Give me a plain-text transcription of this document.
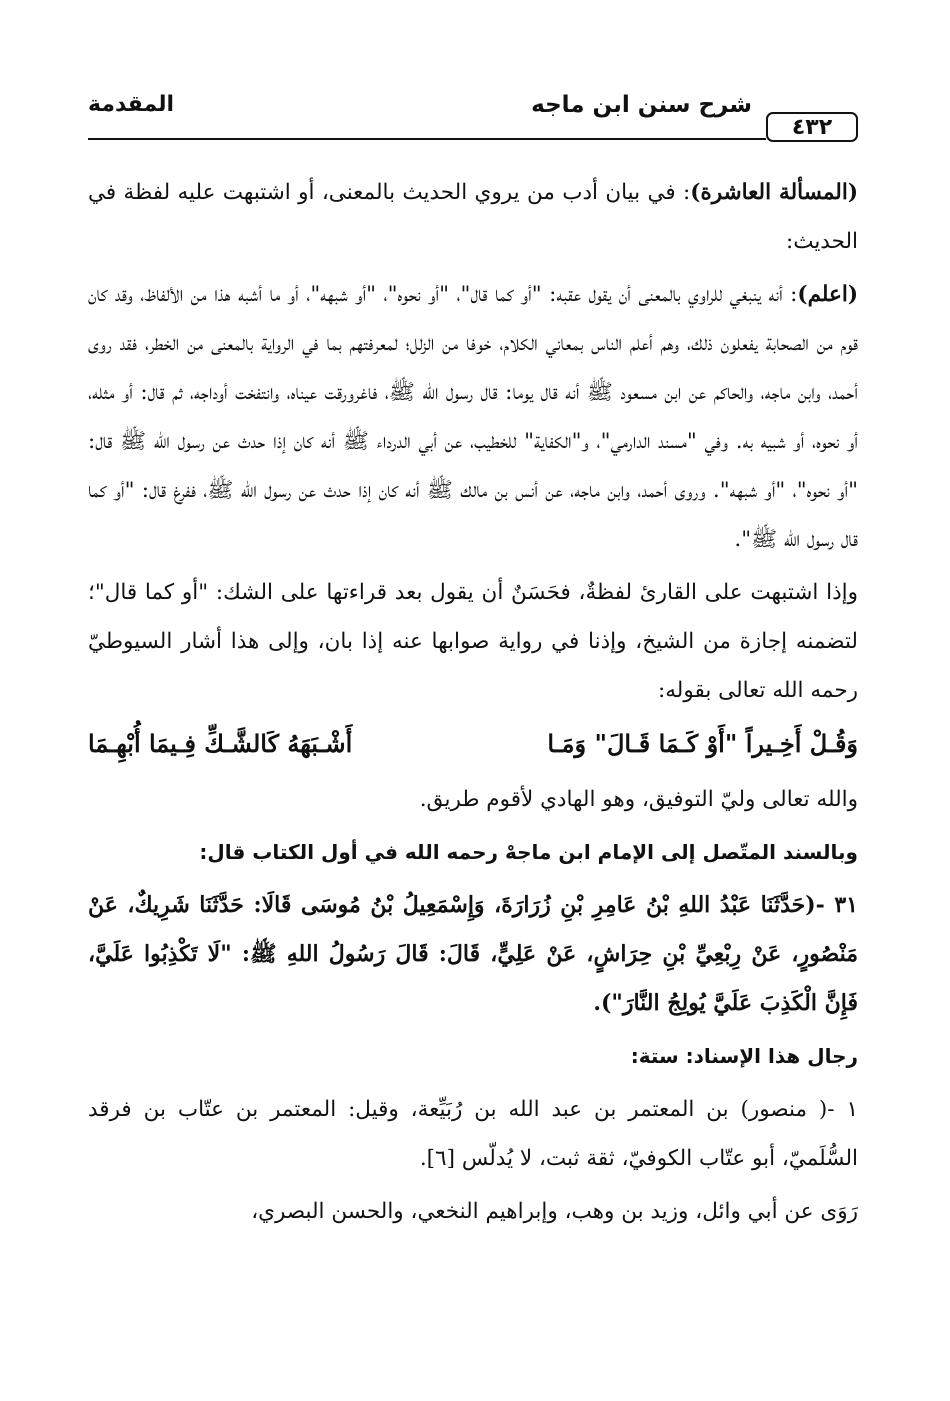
٤٣٢
شرح سنن ابن ماجه
المقدمة

(المسألة العاشرة): في بيان أدب من يروي الحديث بالمعنى، أو اشتبهت عليه لفظة في الحديث:

(اعلم): أنه ينبغي للراوي بالمعنى أن يقول عقبه: "أو كما قال"، "أو نحوه"، "أو شبهه"، أو ما أشبه هذا من الألفاظ، وقد كان قوم من الصحابة يفعلون ذلك، وهم أعلم الناس بمعاني الكلام، خوفا من الزلل؛ لمعرفتهم بما في الرواية بالمعنى من الخطر، فقد روى أحمد، وابن ماجه، والحاكم عن ابن مسعود ﷺ أنه قال يوما: قال رسول الله ﷺ، فاغرورقت عيناه، وانتفخت أوداجه، ثم قال: أو مثله، أو نحوه، أو شبيه به. وفي "مسند الدارمي"، و"الكفاية" للخطيب، عن أبي الدرداء ﷺ أنه كان إذا حدث عن رسول الله ﷺ قال: "أو نحوه"، "أو شبهه". وروى أحمد، وابن ماجه، عن أنس بن مالك ﷺ أنه كان إذا حدث عن رسول الله ﷺ، ففرغ قال: "أو كما قال رسول الله ﷺ".

وإذا اشتبهت على القارئ لفظةٌ، فحَسَنٌ أن يقول بعد قراءتها على الشك: "أو كما قال"؛ لتضمنه إجازة من الشيخ، وإذنا في رواية صوابها عنه إذا بان، وإلى هذا أشار السيوطيّ رحمه الله تعالى بقوله:

وَقُـلْ أَخِـيراً "أَوْ كَـمَا قَـالَ" وَمَـا
أَشْـبَهَهُ كَالشَّـكِّ فِـيمَا أُبْهِـمَا

والله تعالى وليّ التوفيق، وهو الهادي لأقوم طريق.

وبالسند المتّصل إلى الإمام ابن ماجهْ رحمه الله في أول الكتاب قال:

٣١ -(حَدَّثَنَا عَبْدُ اللهِ بْنُ عَامِرِ بْنِ زُرَارَةَ، وَإِسْمَعِيلُ بْنُ مُوسَى قَالَا: حَدَّثَنَا شَرِيكٌ، عَنْ مَنْصُورٍ، عَنْ رِبْعِيِّ بْنِ حِرَاشٍ، عَنْ عَلِيٍّ، قَالَ: قَالَ رَسُولُ اللهِ ﷺ: "لَا تَكْذِبُوا عَلَيَّ، فَإِنَّ الْكَذِبَ عَلَيَّ يُولِجُ النَّارَ").

رجال هذا الإسناد: ستة:

١ -( منصور) بن المعتمر بن عبد الله بن رُبَيِّعة، وقيل: المعتمر بن عتّاب بن فرقد السُّلَميّ، أبو عتّاب الكوفيّ، ثقة ثبت، لا يُدلّس [٦].

رَوَى عن أبي وائل، وزيد بن وهب، وإبراهيم النخعي، والحسن البصري،
